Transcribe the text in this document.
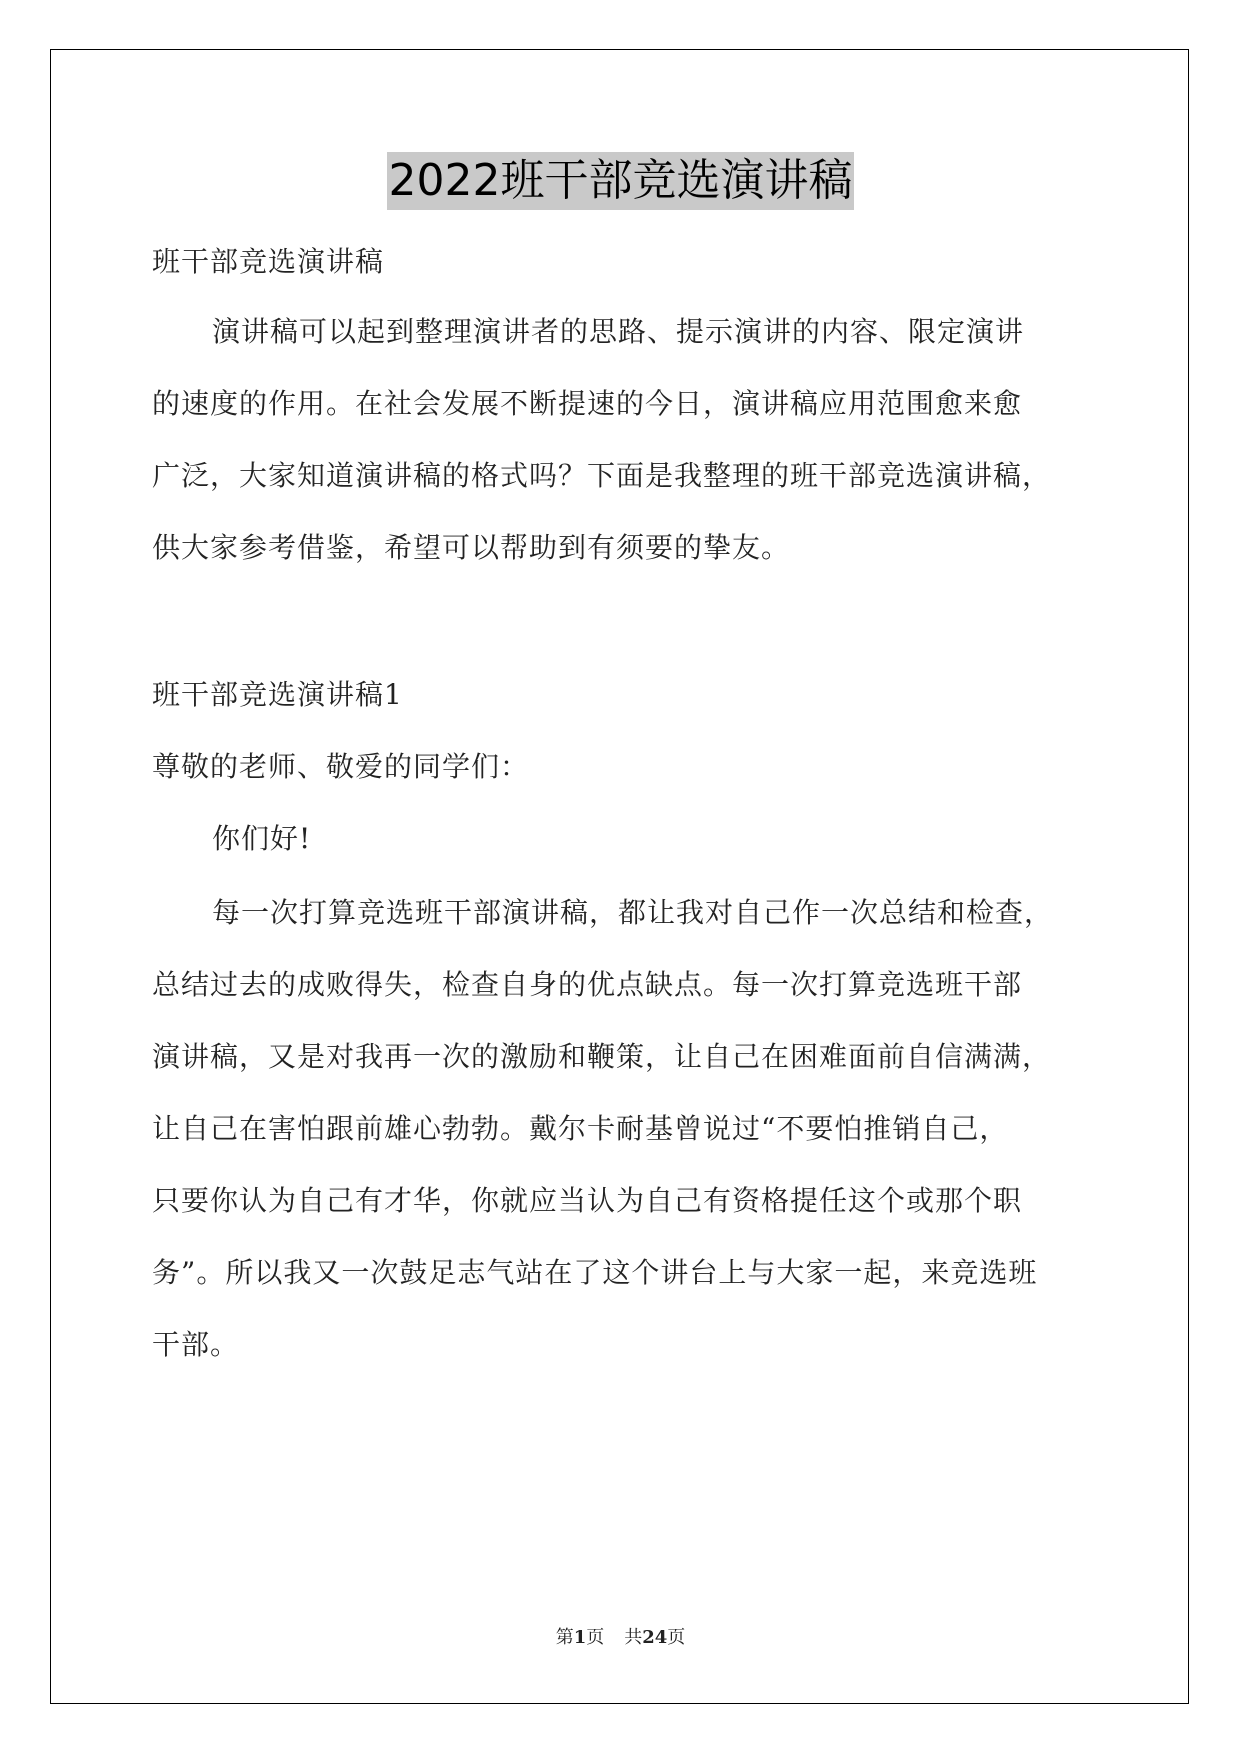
2022班干部竞选演讲稿
班干部竞选演讲稿
演讲稿可以起到整理演讲者的思路、提示演讲的内容、限定演讲
的速度的作用。在社会发展不断提速的今日，演讲稿应用范围愈来愈
广泛，大家知道演讲稿的格式吗？下面是我整理的班干部竞选演讲稿，
供大家参考借鉴，希望可以帮助到有须要的挚友。
班干部竞选演讲稿1
尊敬的老师、敬爱的同学们：
你们好!
每一次打算竞选班干部演讲稿，都让我对自己作一次总结和检查，
总结过去的成败得失，检查自身的优点缺点。每一次打算竞选班干部
演讲稿，又是对我再一次的激励和鞭策，让自己在困难面前自信满满，
让自己在害怕跟前雄心勃勃。戴尔卡耐基曾说过“不要怕推销自己，
只要你认为自己有才华，你就应当认为自己有资格提任这个或那个职
务”。所以我又一次鼓足志气站在了这个讲台上与大家一起，来竞选班
干部。
第1页 共24页
